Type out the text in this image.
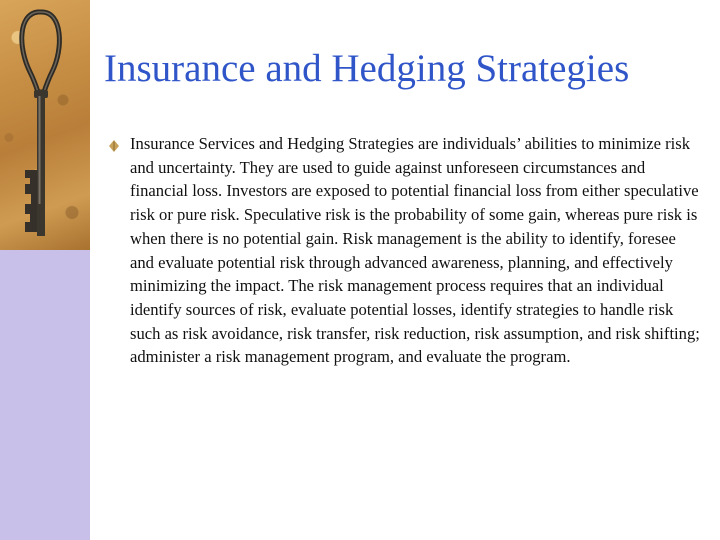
Insurance and Hedging Strategies

Insurance Services and Hedging Strategies are individuals’ abilities to minimize risk and uncertainty. They are used to guide against unforeseen circumstances and financial loss. Investors are exposed to potential financial loss from either speculative risk or pure risk. Speculative risk is the probability of some gain, whereas pure risk is when there is no potential gain. Risk management is the ability to identify, foresee and evaluate potential risk through advanced awareness, planning, and effectively minimizing the impact. The risk management process requires that an individual identify sources of risk, evaluate potential losses, identify strategies to handle risk such as risk avoidance, risk transfer, risk reduction, risk assumption, and risk shifting; administer a risk management program, and evaluate the program.
